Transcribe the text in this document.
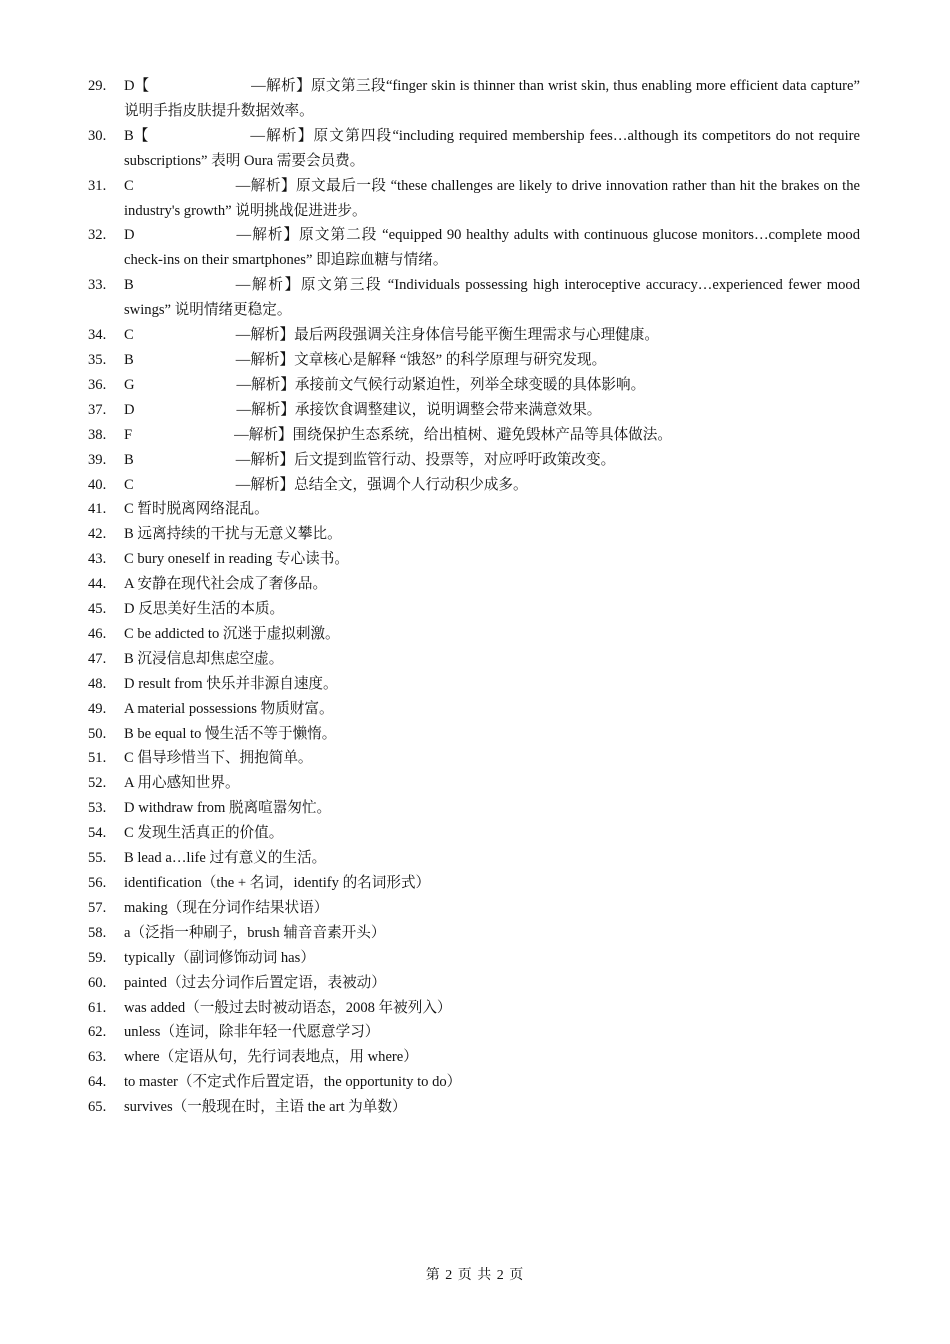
29.	D【	—解析】原文第三段“finger skin is thinner than wrist skin, thus enabling more efficient data capture” 说明手指皮肤提升数据效率。
30.	B【	—解析】原文第四段“including required membership fees…although its competitors do not require subscriptions” 表明 Oura 需要会员费。
31.	C	—解析】原文最后一段 “these challenges are likely to drive innovation rather than hit the brakes on the industry's growth” 说明挑战促进进步。
32.	D	—解析】原文第二段 “equipped 90 healthy adults with continuous glucose monitors…complete mood check-ins on their smartphones” 即追踪血糖与情绪。
33.	B	—解析】原文第三段 “Individuals possessing high interoceptive accuracy…experienced fewer mood swings” 说明情绪更稳定。
34.	C	—解析】最后两段强调关注身体信号能平衡生理需求与心理健康。
35.	B	—解析】文章核心是解释 “饿怒” 的科学原理与研究发现。
36.	G	—解析】承接前文气候行动紧迫性，列举全球变暖的具体影响。
37.	D	—解析】承接饮食调整建议，说明调整会带来满意效果。
38.	F	—解析】围绕保护生态系统，给出植树、避免毁林产品等具体做法。
39.	B	—解析】后文提到监管行动、投票等，对应呼吁政策改变。
40.	C	—解析】总结全文，强调个人行动积少成多。
41.	C 暂时脱离网络混乱。
42.	B 远离持续的干扰与无意义攀比。
43.	C bury oneself in reading 专心读书。
44.	A 安静在现代社会成了奢侈品。
45.	D 反思美好生活的本质。
46.	C be addicted to 沉迷于虚拟刺激。
47.	B 沉浸信息却焦虑空虚。
48.	D result from 快乐并非源自速度。
49.	A material possessions 物质财富。
50.	B be equal to 慢生活不等于懒惰。
51.	C 倡导珍惜当下、拥抱简单。
52.	A 用心感知世界。
53.	D withdraw from 脱离喧嚣匆忙。
54.	C 发现生活真正的价值。
55.	B lead a…life 过有意义的生活。
56.	identification（the + 名词，identify 的名词形式）
57.	making（现在分词作结果状语）
58.	a（泛指一种刷子，brush 辅音音素开头）
59.	typically（副词修饰动词 has）
60.	painted（过去分词作后置定语，表被动）
61.	was added（一般过去时被动语态，2008 年被列入）
62.	unless（连词，除非年轻一代愿意学习）
63.	where（定语从句，先行词表地点，用 where）
64.	to master（不定式作后置定语，the opportunity to do）
65.	survives（一般现在时，主语 the art 为单数）
第 2 页 共 2 页
